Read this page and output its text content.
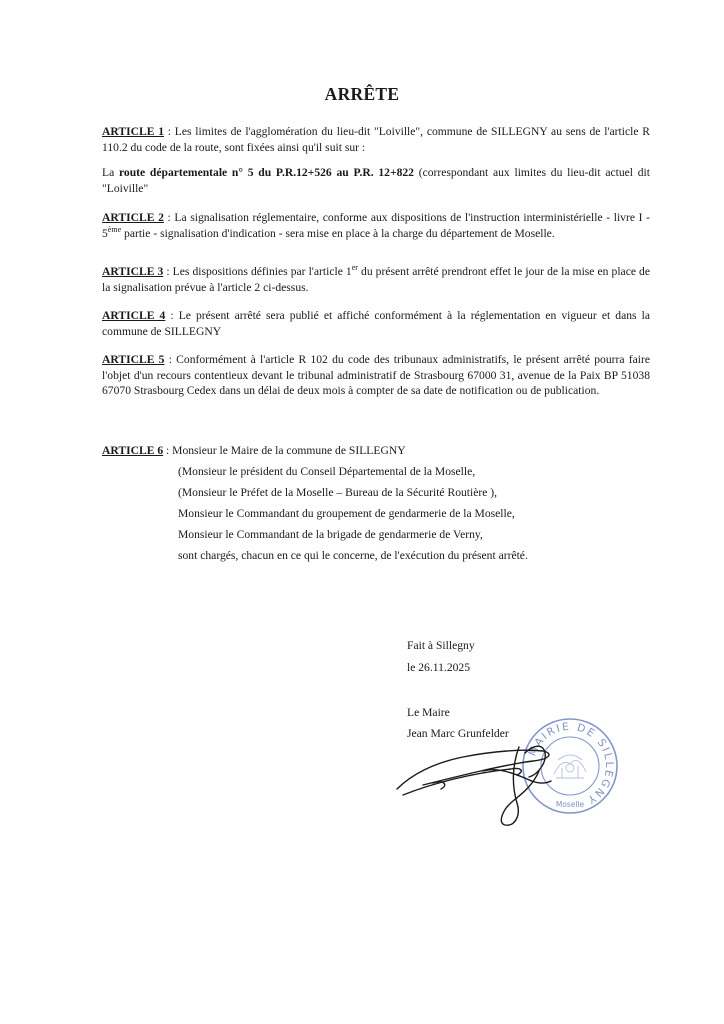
ARRÊTE
ARTICLE 1 : Les limites de l'agglomération du lieu-dit "Loiville", commune de SILLEGNY au sens de l'article R 110.2 du code de la route, sont fixées ainsi qu'il suit sur :
La route départementale n° 5 du P.R.12+526 au P.R. 12+822 (correspondant aux limites du lieu-dit actuel dit "Loiville"
ARTICLE 2 : La signalisation réglementaire, conforme aux dispositions de l'instruction interministérielle - livre I - 5ème partie - signalisation d'indication - sera mise en place à la charge du département de Moselle.
ARTICLE 3 : Les dispositions définies par l'article 1er du présent arrêté prendront effet le jour de la mise en place de la signalisation prévue à l'article 2 ci-dessus.
ARTICLE 4 : Le présent arrêté sera publié et affiché conformément à la réglementation en vigueur et dans la commune de SILLEGNY
ARTICLE 5 : Conformément à l'article R 102 du code des tribunaux administratifs, le présent arrêté pourra faire l'objet d'un recours contentieux devant le tribunal administratif de Strasbourg 67000 31, avenue de la Paix BP 51038 67070 Strasbourg Cedex dans un délai de deux mois à compter de sa date de notification ou de publication.
ARTICLE 6 : Monsieur le Maire de la commune de SILLEGNY
(Monsieur le président du Conseil Départemental de la Moselle,
(Monsieur le Préfet de la Moselle – Bureau de la Sécurité Routière ),
Monsieur le Commandant du groupement de gendarmerie de la Moselle,
Monsieur le Commandant de la brigade de gendarmerie de Verny,
sont chargés, chacun en ce qui le concerne, de l'exécution du présent arrêté.
Fait à Sillegny
le 26.11.2025
Le Maire
Jean Marc Grunfelder
MAIRIE DE SILLEGNY
Moselle
